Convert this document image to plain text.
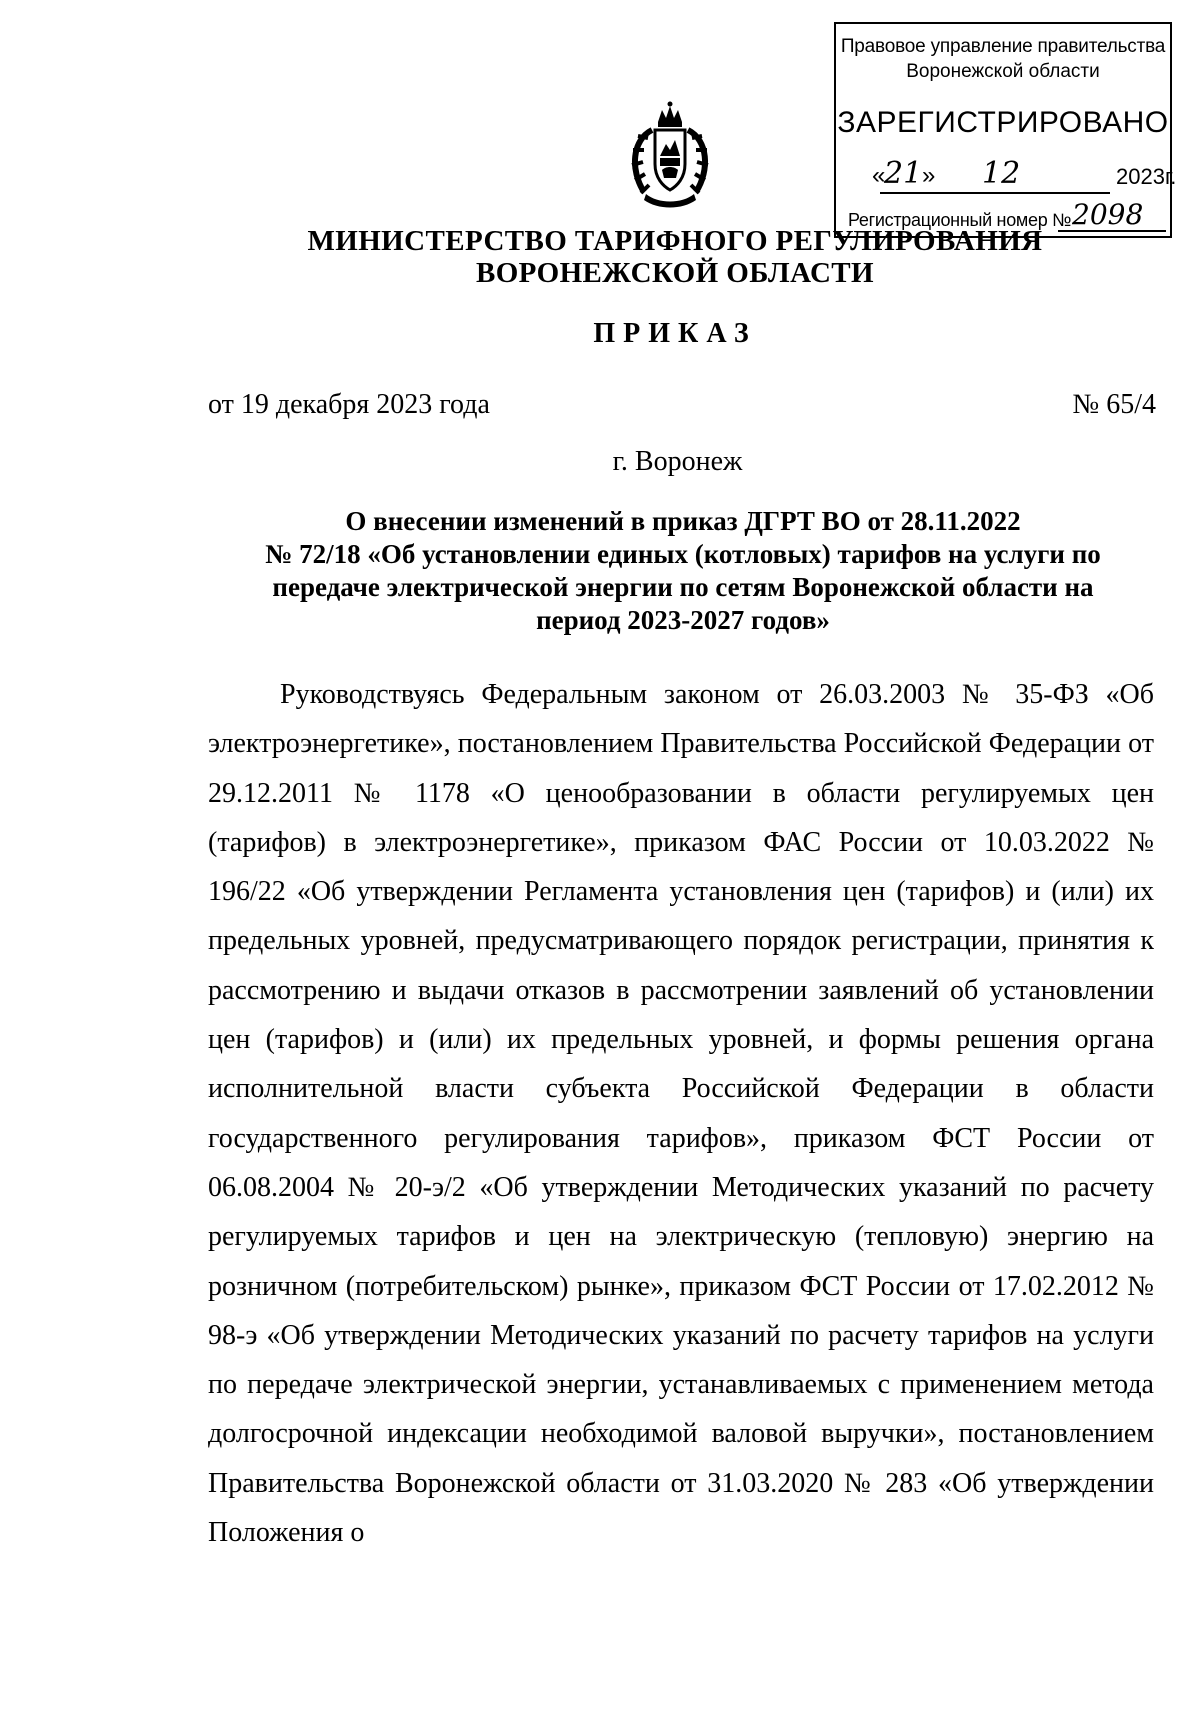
Правовое управление правительства
Воронежской области
ЗАРЕГИСТРИРОВАНО
«
21 » 12	2023г.
Регистрационный номер № 2098
МИНИСТЕРСТВО ТАРИФНОГО РЕГУЛИРОВАНИЯ
ВОРОНЕЖСКОЙ ОБЛАСТИ
ПРИКАЗ
от 19 декабря 2023 года	№ 65/4
г. Воронеж
О внесении изменений в приказ ДГРТ ВО от 28.11.2022
№ 72/18 «Об установлении единых (котловых) тарифов на услуги по
передаче электрической энергии по сетям Воронежской области на
период 2023-2027 годов»
Руководствуясь Федеральным законом от 26.03.2003 № 35-ФЗ «Об электроэнергетике», постановлением Правительства Российской Федерации от 29.12.2011 № 1178 «О ценообразовании в области регулируемых цен (тарифов) в электроэнергетике», приказом ФАС России от 10.03.2022 № 196/22 «Об утверждении Регламента установления цен (тарифов) и (или) их предельных уровней, предусматривающего порядок регистрации, принятия к рассмотрению и выдачи отказов в рассмотрении заявлений об установлении цен (тарифов) и (или) их предельных уровней, и формы решения органа исполнительной власти субъекта Российской Федерации в области государственного регулирования тарифов», приказом ФСТ России от 06.08.2004 № 20-э/2 «Об утверждении Методических указаний по расчету регулируемых тарифов и цен на электрическую (тепловую) энергию на розничном (потребительском) рынке», приказом ФСТ России от 17.02.2012 № 98-э «Об утверждении Методических указаний по расчету тарифов на услуги по передаче электрической энергии, устанавливаемых с применением метода долгосрочной индексации необходимой валовой выручки», постановлением Правительства Воронежской области от 31.03.2020 № 283 «Об утверждении Положения о
